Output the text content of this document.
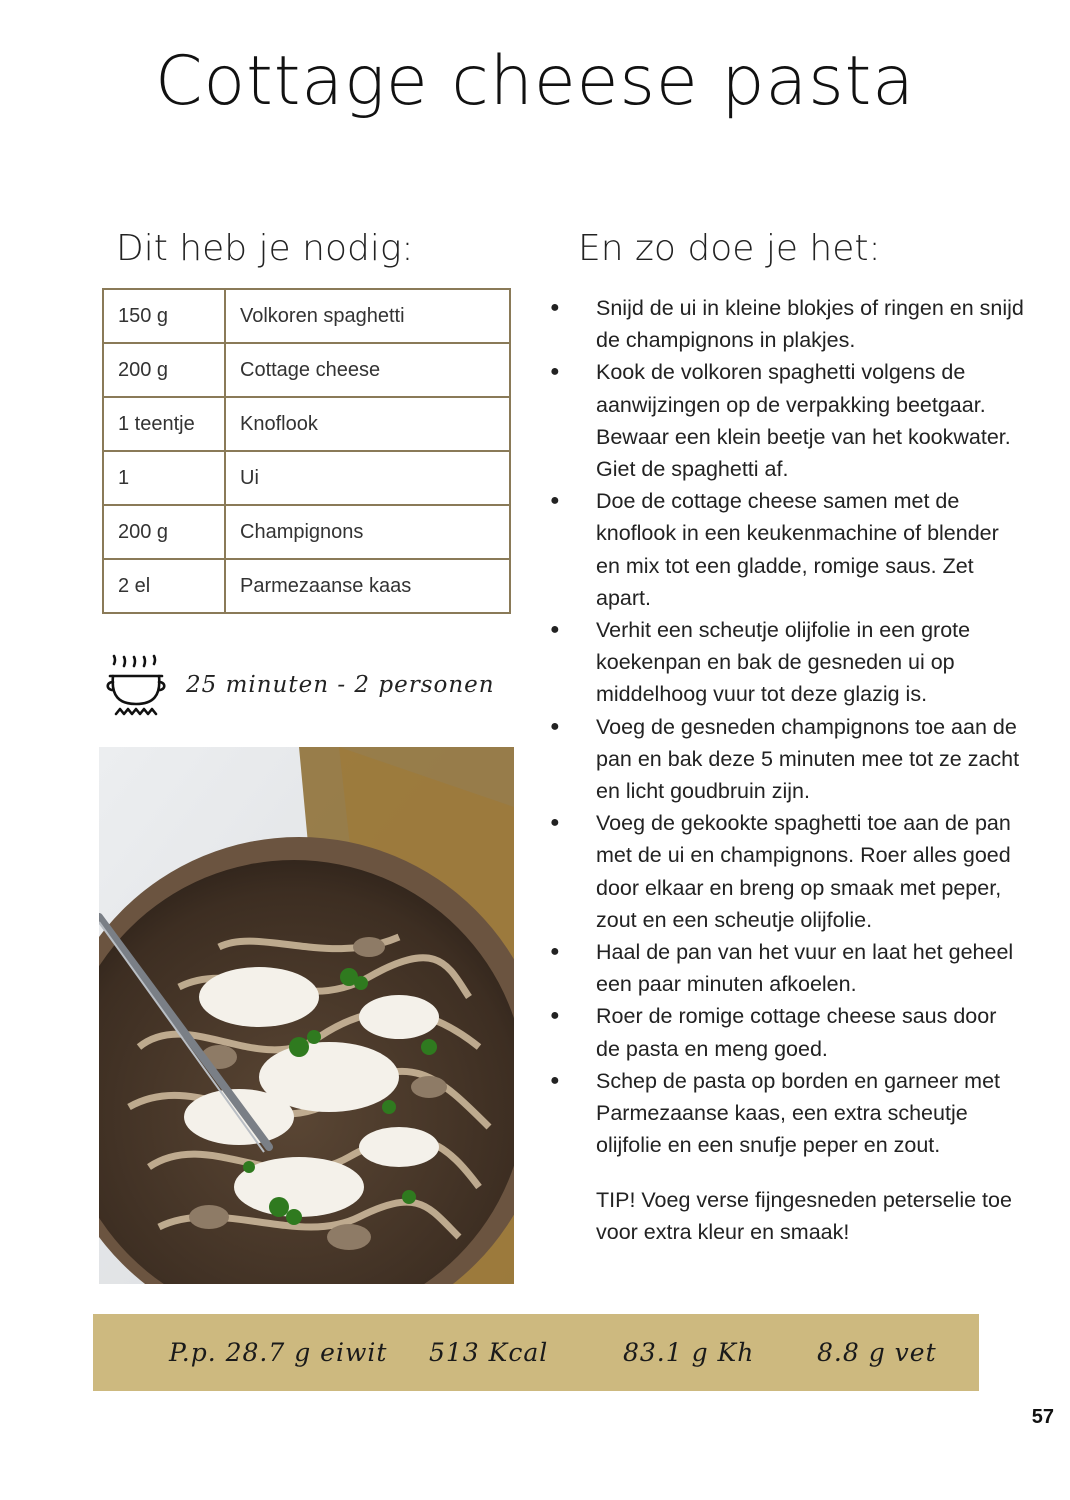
Cottage cheese pasta
Dit heb je nodig:	En zo doe je het:
150 g	Volkoren spaghetti
200 g	Cottage cheese
1 teentje	Knoflook
1	Ui
200 g	Champignons
2 el	Parmezaanse kaas
25 minuten - 2 personen
● Snijd de ui in kleine blokjes of ringen en snijd de champignons in plakjes.
● Kook de volkoren spaghetti volgens de aanwijzingen op de verpakking beetgaar. Bewaar een klein beetje van het kookwater. Giet de spaghetti af.
● Doe de cottage cheese samen met de knoflook in een keukenmachine of blender en mix tot een gladde, romige saus. Zet apart.
● Verhit een scheutje olijfolie in een grote koekenpan en bak de gesneden ui op middelhoog vuur tot deze glazig is.
● Voeg de gesneden champignons toe aan de pan en bak deze 5 minuten mee tot ze zacht en licht goudbruin zijn.
● Voeg de gekookte spaghetti toe aan de pan met de ui en champignons. Roer alles goed door elkaar en breng op smaak met peper, zout en een scheutje olijfolie.
● Haal de pan van het vuur en laat het geheel een paar minuten afkoelen.
● Roer de romige cottage cheese saus door de pasta en meng goed.
● Schep de pasta op borden en garneer met Parmezaanse kaas, een extra scheutje olijfolie en een snufje peper en zout.
TIP! Voeg verse fijngesneden peterselie toe voor extra kleur en smaak!
P.p. 28.7 g eiwit 513 Kcal	83.1 g Kh	8.8 g vet
57
